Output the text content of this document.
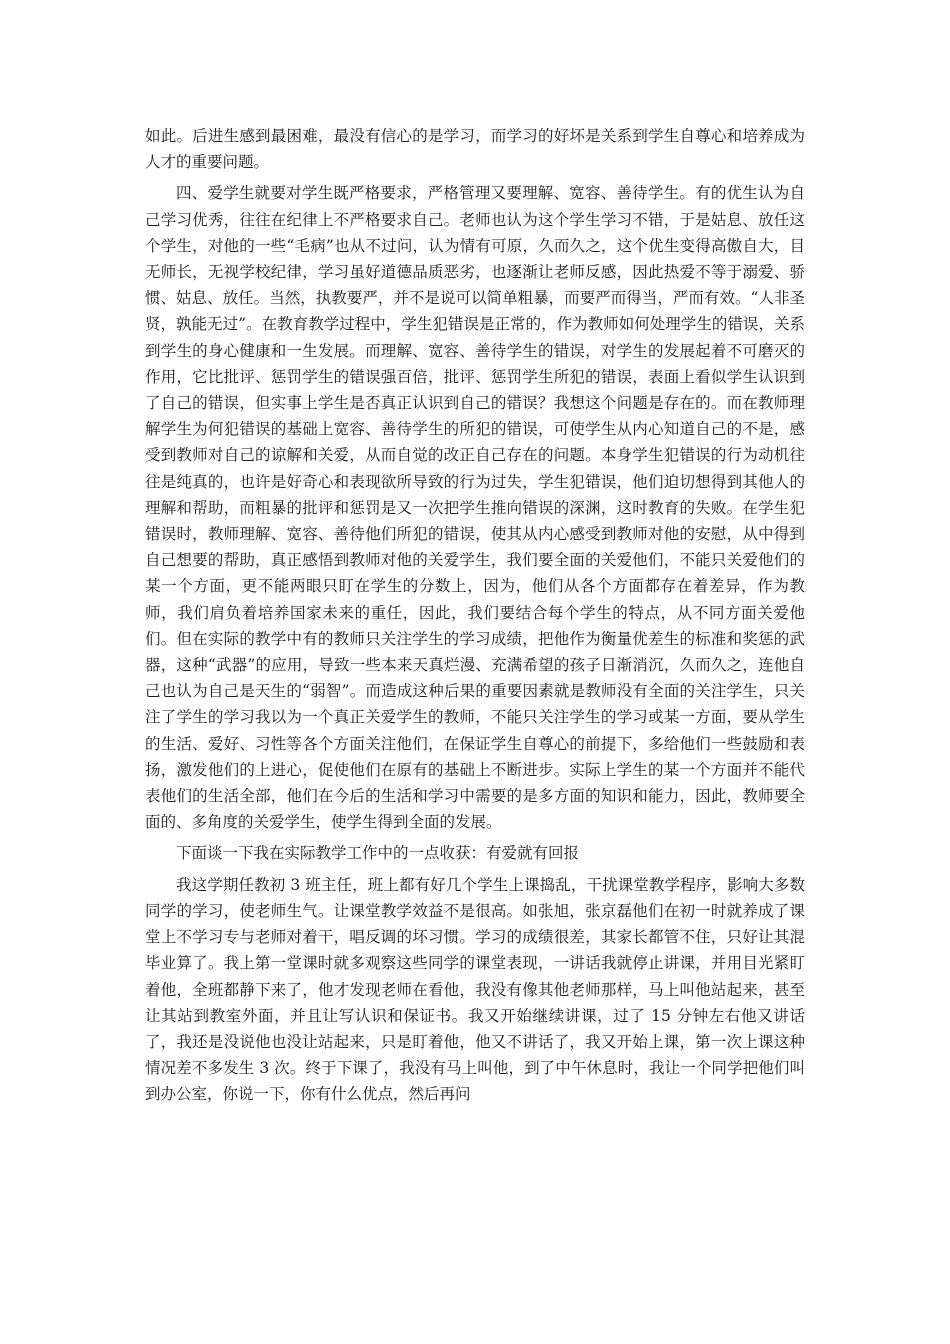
如此。后进生感到最困难，最没有信心的是学习，而学习的好坏是关系到学生自尊心和培养成为人才的重要问题。

四、爱学生就要对学生既严格要求，严格管理又要理解、宽容、善待学生。有的优生认为自己学习优秀，往往在纪律上不严格要求自己。老师也认为这个学生学习不错，于是姑息、放任这个学生，对他的一些“毛病”也从不过问，认为情有可原，久而久之，这个优生变得高傲自大，目无师长，无视学校纪律，学习虽好道德品质恶劣，也逐渐让老师反感，因此热爱不等于溺爱、骄惯、姑息、放任。当然，执教要严，并不是说可以简单粗暴，而要严而得当，严而有效。“人非圣贤，孰能无过”。在教育教学过程中，学生犯错误是正常的，作为教师如何处理学生的错误，关系到学生的身心健康和一生发展。而理解、宽容、善待学生的错误，对学生的发展起着不可磨灭的作用，它比批评、惩罚学生的错误强百倍，批评、惩罚学生所犯的错误，表面上看似学生认识到了自己的错误，但实事上学生是否真正认识到自己的错误？我想这个问题是存在的。而在教师理解学生为何犯错误的基础上宽容、善待学生的所犯的错误，可使学生从内心知道自己的不是，感受到教师对自己的谅解和关爱，从而自觉的改正自己存在的问题。本身学生犯错误的行为动机往往是纯真的，也许是好奇心和表现欲所导致的行为过失，学生犯错误，他们迫切想得到其他人的理解和帮助，而粗暴的批评和惩罚是又一次把学生推向错误的深渊，这时教育的失败。在学生犯错误时，教师理解、宽容、善待他们所犯的错误，使其从内心感受到教师对他的安慰，从中得到自己想要的帮助，真正感悟到教师对他的关爱学生，我们要全面的关爱他们，不能只关爱他们的某一个方面，更不能两眼只盯在学生的分数上，因为，他们从各个方面都存在着差异，作为教师，我们肩负着培养国家未来的重任，因此，我们要结合每个学生的特点，从不同方面关爱他们。但在实际的教学中有的教师只关注学生的学习成绩，把他作为衡量优差生的标准和奖惩的武器，这种“武器”的应用，导致一些本来天真烂漫、充满希望的孩子日渐消沉，久而久之，连他自己也认为自己是天生的“弱智”。而造成这种后果的重要因素就是教师没有全面的关注学生，只关注了学生的学习我以为一个真正关爱学生的教师，不能只关注学生的学习或某一方面，要从学生的生活、爱好、习性等各个方面关注他们，在保证学生自尊心的前提下，多给他们一些鼓励和表扬，激发他们的上进心，促使他们在原有的基础上不断进步。实际上学生的某一个方面并不能代表他们的生活全部，他们在今后的生活和学习中需要的是多方面的知识和能力，因此，教师要全面的、多角度的关爱学生，使学生得到全面的发展。

下面谈一下我在实际教学工作中的一点收获：有爱就有回报

我这学期任教初 3 班主任，班上都有好几个学生上课捣乱，干扰课堂教学程序，影响大多数同学的学习，使老师生气。让课堂教学效益不是很高。如张旭，张京磊他们在初一时就养成了课堂上不学习专与老师对着干，唱反调的坏习惯。学习的成绩很差，其家长都管不住，只好让其混毕业算了。我上第一堂课时就多观察这些同学的课堂表现，一讲话我就停止讲课，并用目光紧盯着他，全班都静下来了，他才发现老师在看他，我没有像其他老师那样，马上叫他站起来，甚至让其站到教室外面，并且让写认识和保证书。我又开始继续讲课，过了 15 分钟左右他又讲话了，我还是没说他也没让站起来，只是盯着他，他又不讲话了，我又开始上课，第一次上课这种情况差不多发生 3 次。终于下课了，我没有马上叫他，到了中午休息时，我让一个同学把他们叫到办公室，你说一下，你有什么优点，然后再问
